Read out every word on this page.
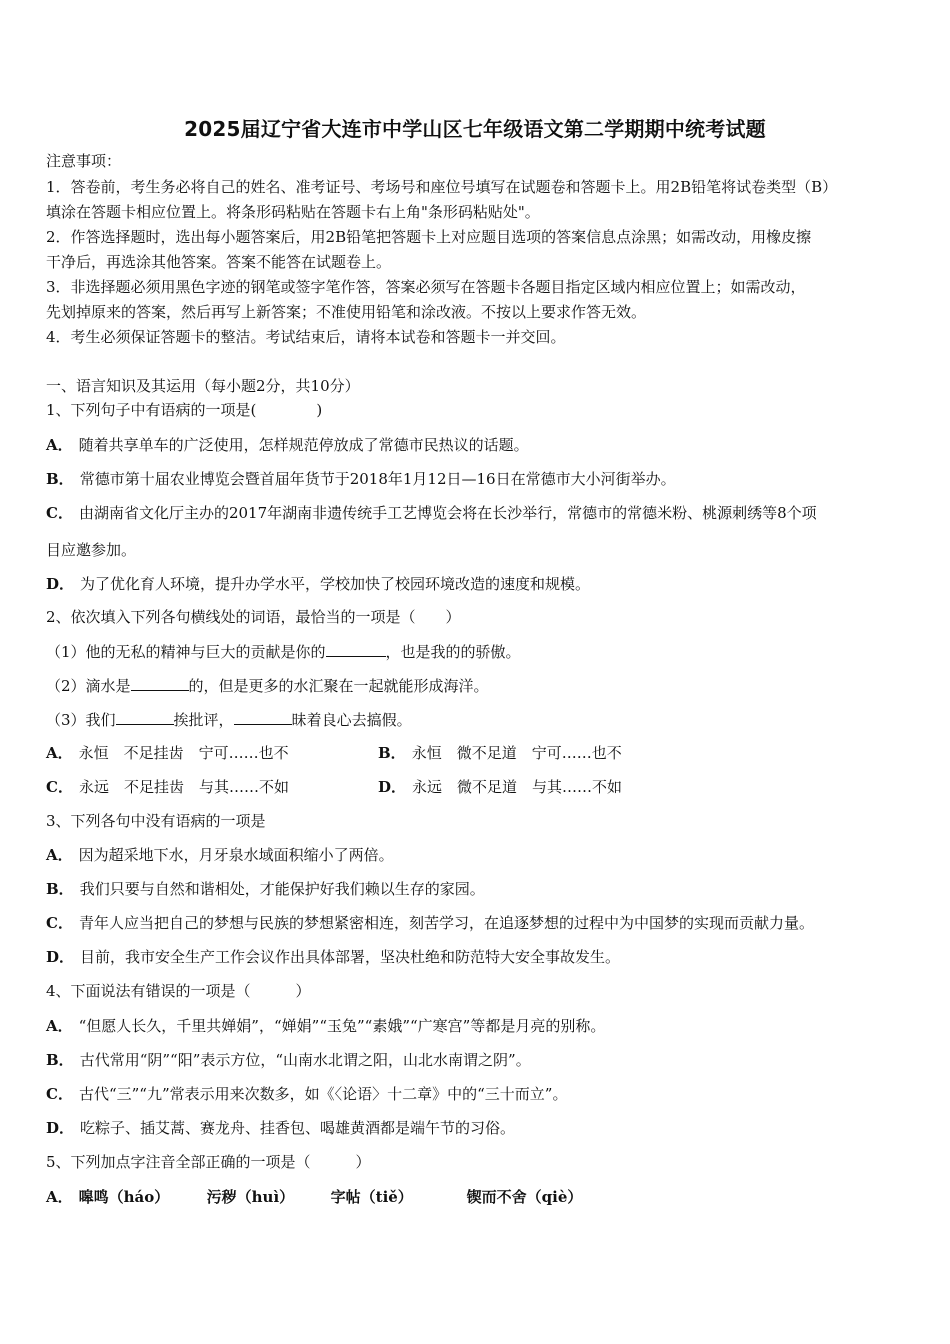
2025届辽宁省大连市中学山区七年级语文第二学期期中统考试题
注意事项：
1．答卷前，考生务必将自己的姓名、准考证号、考场号和座位号填写在试题卷和答题卡上。用2B铅笔将试卷类型（B）
填涂在答题卡相应位置上。将条形码粘贴在答题卡右上角"条形码粘贴处"。
2．作答选择题时，选出每小题答案后，用2B铅笔把答题卡上对应题目选项的答案信息点涂黑；如需改动，用橡皮擦
干净后，再选涂其他答案。答案不能答在试题卷上。
3．非选择题必须用黑色字迹的钢笔或签字笔作答，答案必须写在答题卡各题目指定区域内相应位置上；如需改动，
先划掉原来的答案，然后再写上新答案；不准使用铅笔和涂改液。不按以上要求作答无效。
4．考生必须保证答题卡的整洁。考试结束后，请将本试卷和答题卡一并交回。
一、语言知识及其运用（每小题2分，共10分）
1、下列句子中有语病的一项是(　　　　)
A． 随着共享单车的广泛使用，怎样规范停放成了常德市民热议的话题。
B． 常德市第十届农业博览会暨首届年货节于2018年1月12日—16日在常德市大小河街举办。
C． 由湖南省文化厅主办的2017年湖南非遗传统手工艺博览会将在长沙举行，常德市的常德米粉、桃源刺绣等8个项
目应邀参加。
D． 为了优化育人环境，提升办学水平，学校加快了校园环境改造的速度和规模。
2、依次填入下列各句横线处的词语，最恰当的一项是（　　）
（1）他的无私的精神与巨大的贡献是你的	，也是我的的骄傲。
（2）滴水是	的，但是更多的水汇聚在一起就能形成海洋。
（3）我们	挨批评，	昧着良心去搞假。
A． 永恒　不足挂齿　宁可……也不	B． 永恒　微不足道　宁可……也不
C． 永远　不足挂齿　与其……不如	D． 永远　微不足道　与其……不如
3、下列各句中没有语病的一项是
A． 因为超采地下水，月牙泉水域面积缩小了两倍。
B． 我们只要与自然和谐相处，才能保护好我们赖以生存的家园。
C． 青年人应当把自己的梦想与民族的梦想紧密相连，刻苦学习，在追逐梦想的过程中为中国梦的实现而贡献力量。
D． 目前，我市安全生产工作会议作出具体部署，坚决杜绝和防范特大安全事故发生。
4、下面说法有错误的一项是（　　　）
A． “但愿人长久，千里共婵娟”，“婵娟”“玉兔”“素娥”“广寒宫”等都是月亮的别称。
B． 古代常用“阴”“阳”表示方位，“山南水北谓之阳，山北水南谓之阴”。
C． 古代“三”“九”常表示用来次数多，如《〈论语〉十二章》中的“三十而立”。
D． 吃粽子、插艾蒿、赛龙舟、挂香包、喝雄黄酒都是端午节的习俗。
5、下列加点字注音全部正确的一项是（　　　）
A． 嗥鸣（háo） 污秽（huì） 字帖（tiě）	锲而不舍（qiè）
